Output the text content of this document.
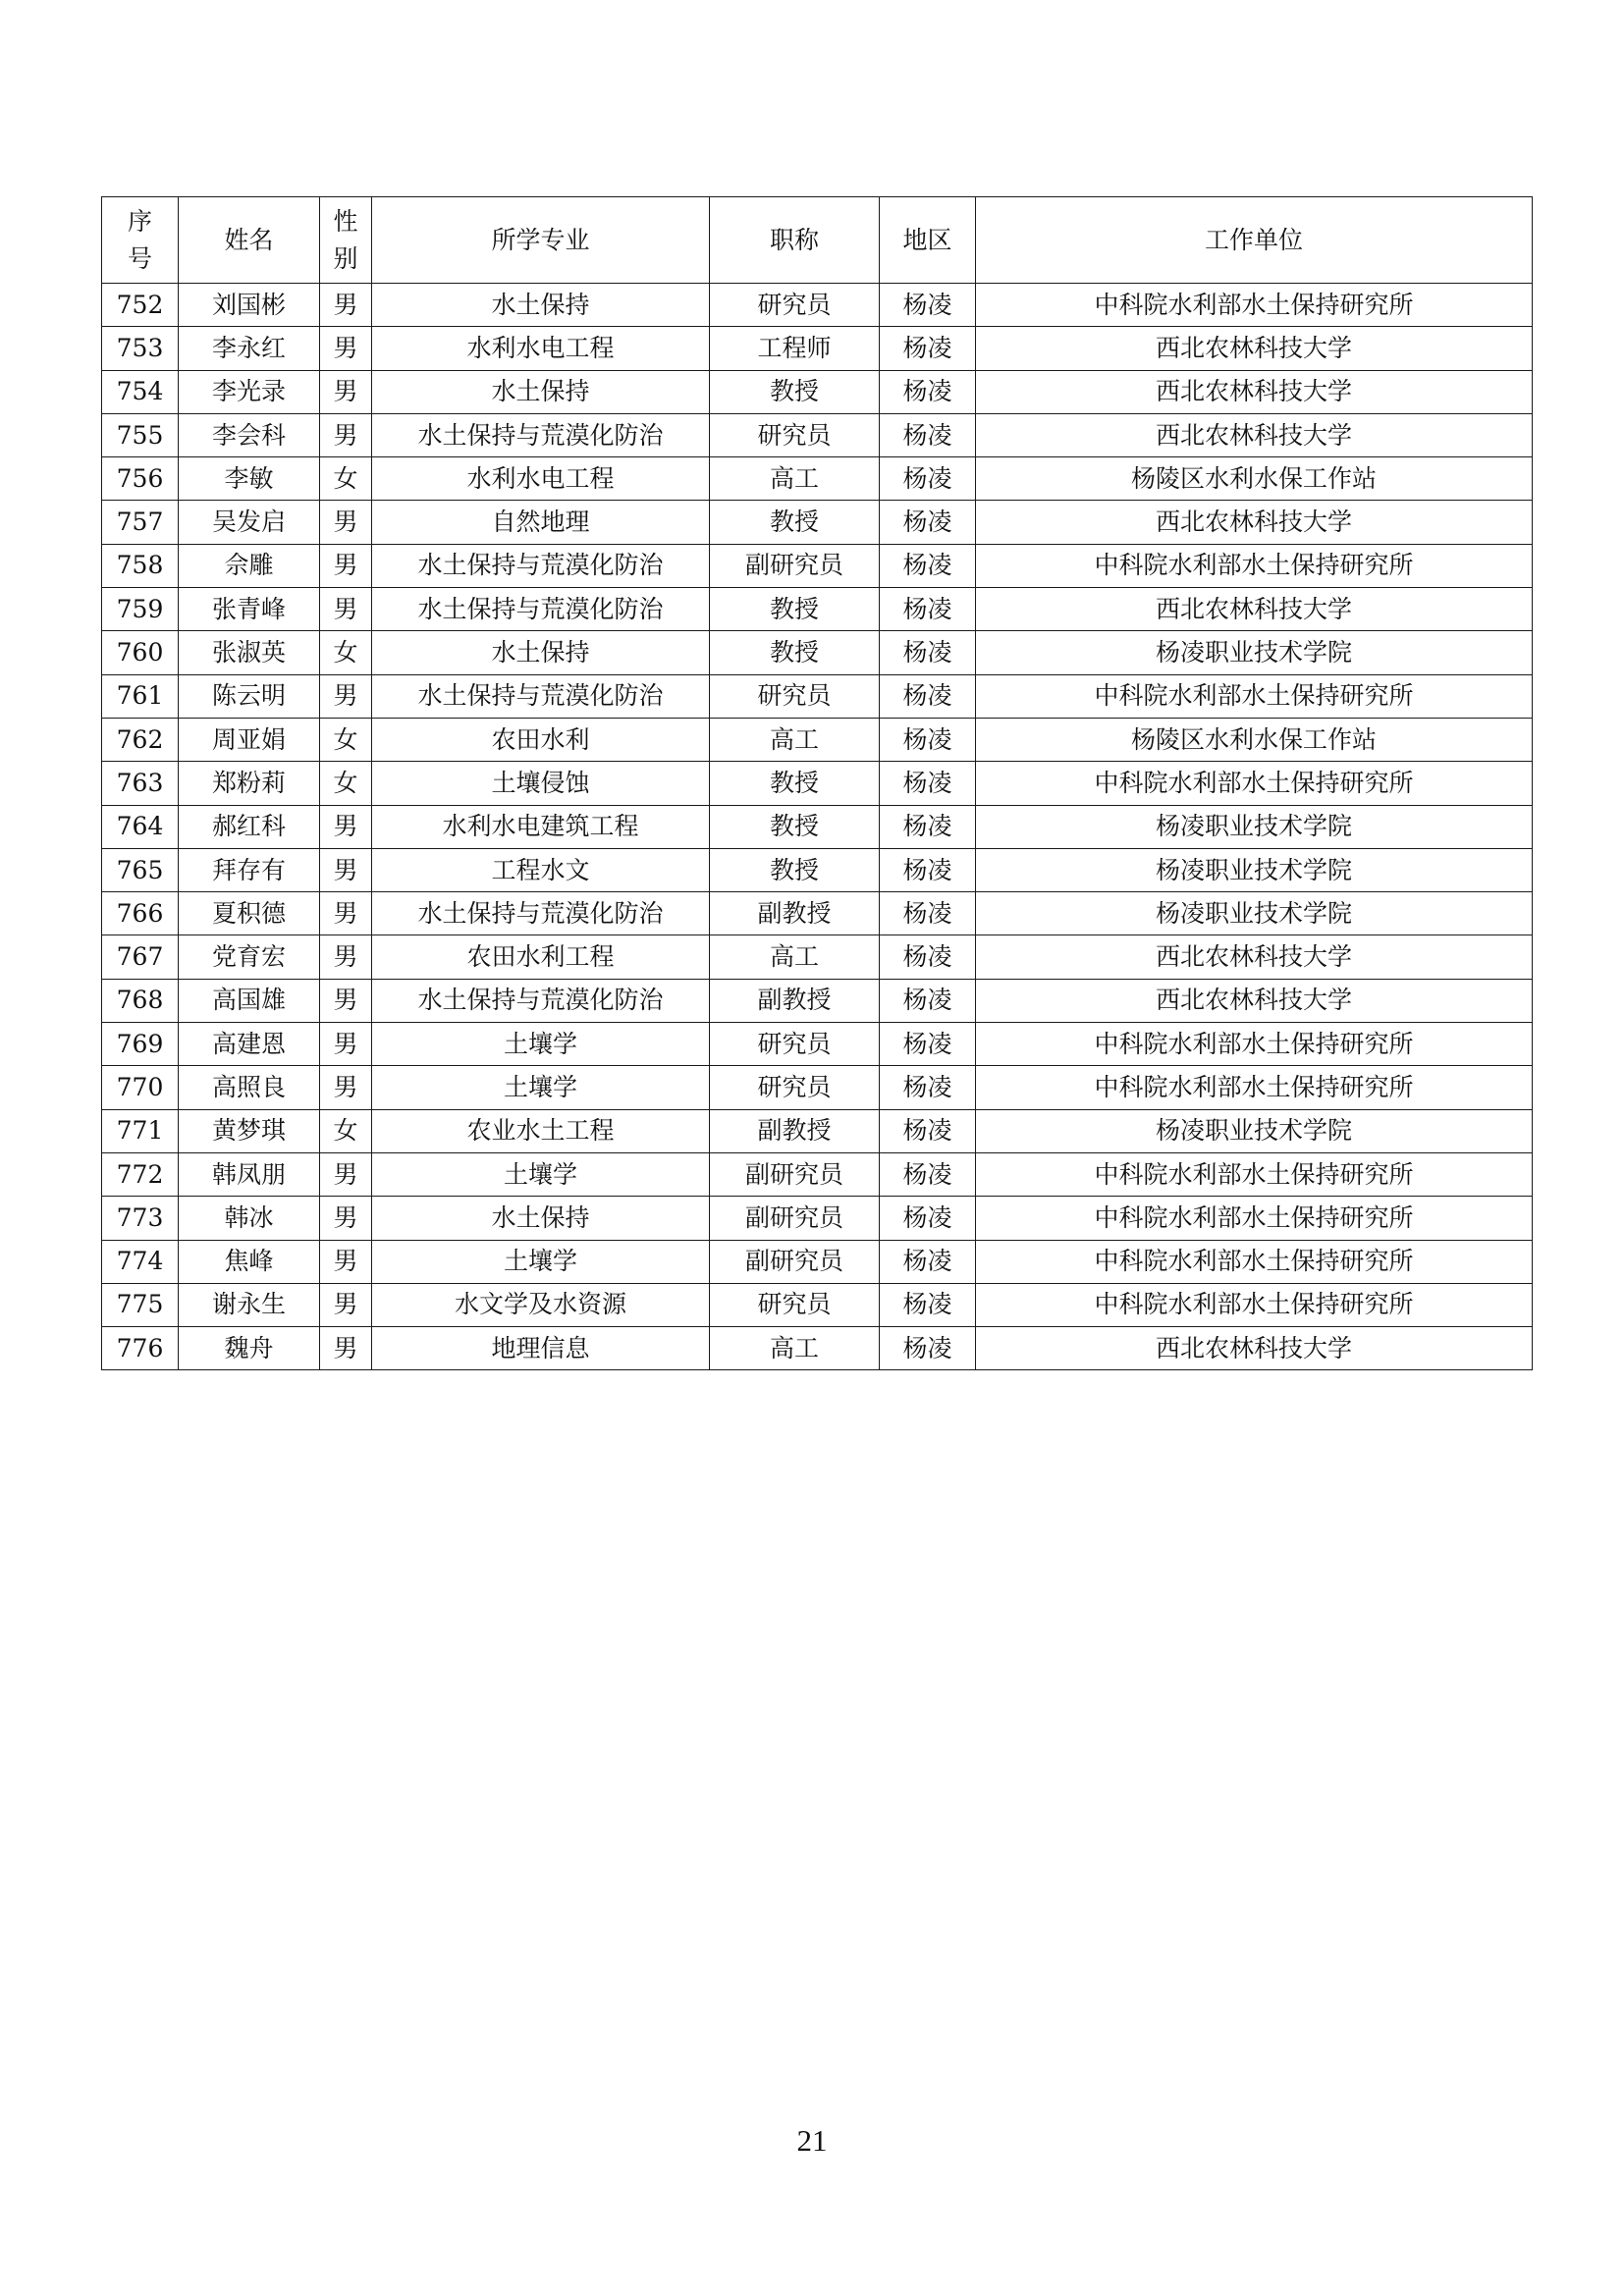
序号	姓名	性别	所学专业	职称	地区	工作单位
752	刘国彬	男	水土保持	研究员	杨凌	中科院水利部水土保持研究所
753	李永红	男	水利水电工程	工程师	杨凌	西北农林科技大学
754	李光录	男	水土保持	教授	杨凌	西北农林科技大学
755	李会科	男	水土保持与荒漠化防治	研究员	杨凌	西北农林科技大学
756	李敏	女	水利水电工程	高工	杨凌	杨陵区水利水保工作站
757	吴发启	男	自然地理	教授	杨凌	西北农林科技大学
758	佘雕	男	水土保持与荒漠化防治	副研究员	杨凌	中科院水利部水土保持研究所
759	张青峰	男	水土保持与荒漠化防治	教授	杨凌	西北农林科技大学
760	张淑英	女	水土保持	教授	杨凌	杨凌职业技术学院
761	陈云明	男	水土保持与荒漠化防治	研究员	杨凌	中科院水利部水土保持研究所
762	周亚娟	女	农田水利	高工	杨凌	杨陵区水利水保工作站
763	郑粉莉	女	土壤侵蚀	教授	杨凌	中科院水利部水土保持研究所
764	郝红科	男	水利水电建筑工程	教授	杨凌	杨凌职业技术学院
765	拜存有	男	工程水文	教授	杨凌	杨凌职业技术学院
766	夏积德	男	水土保持与荒漠化防治	副教授	杨凌	杨凌职业技术学院
767	党育宏	男	农田水利工程	高工	杨凌	西北农林科技大学
768	高国雄	男	水土保持与荒漠化防治	副教授	杨凌	西北农林科技大学
769	高建恩	男	土壤学	研究员	杨凌	中科院水利部水土保持研究所
770	高照良	男	土壤学	研究员	杨凌	中科院水利部水土保持研究所
771	黄梦琪	女	农业水土工程	副教授	杨凌	杨凌职业技术学院
772	韩凤朋	男	土壤学	副研究员	杨凌	中科院水利部水土保持研究所
773	韩冰	男	水土保持	副研究员	杨凌	中科院水利部水土保持研究所
774	焦峰	男	土壤学	副研究员	杨凌	中科院水利部水土保持研究所
775	谢永生	男	水文学及水资源	研究员	杨凌	中科院水利部水土保持研究所
776	魏舟	男	地理信息	高工	杨凌	西北农林科技大学
21
